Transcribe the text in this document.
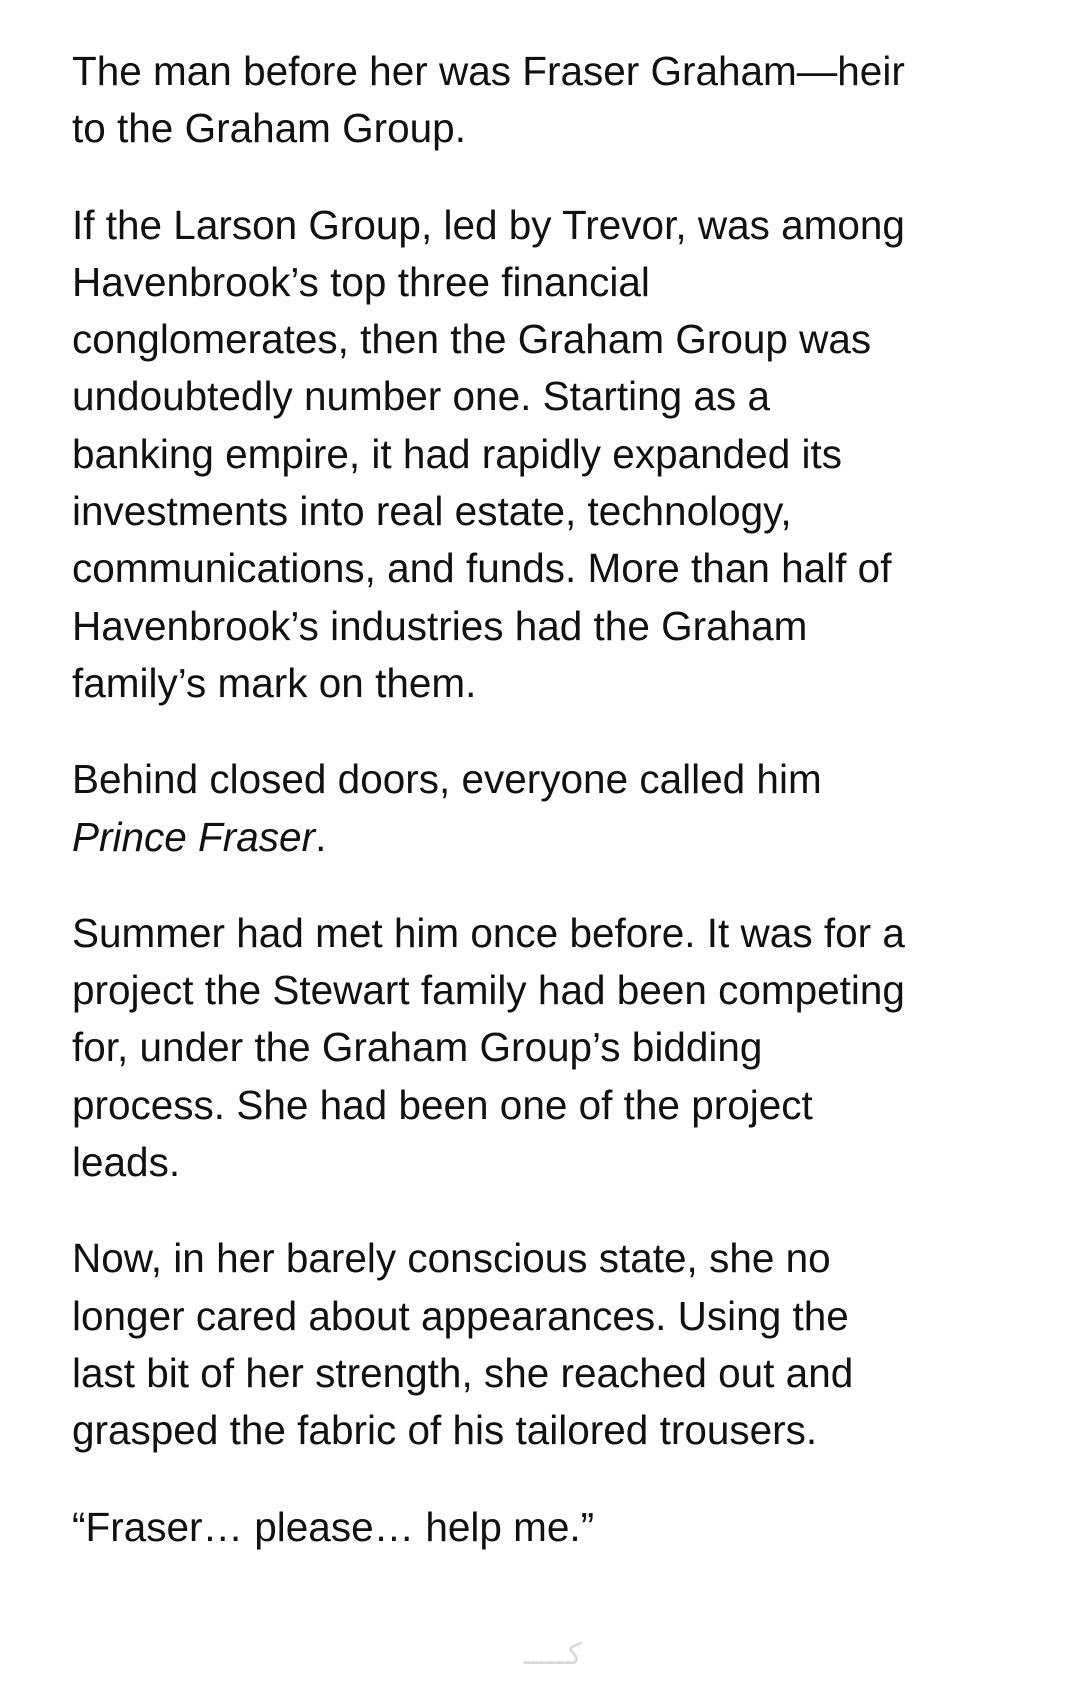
The man before her was Fraser Graham—heir
to the Graham Group.

If the Larson Group, led by Trevor, was among
Havenbrook’s top three financial
conglomerates, then the Graham Group was
undoubtedly number one. Starting as a
banking empire, it had rapidly expanded its
investments into real estate, technology,
communications, and funds. More than half of
Havenbrook’s industries had the Graham
family’s mark on them.

Behind closed doors, everyone called him
Prince Fraser.

Summer had met him once before. It was for a
project the Stewart family had been competing
for, under the Graham Group’s bidding
process. She had been one of the project
leads.

Now, in her barely conscious state, she no
longer cared about appearances. Using the
last bit of her strength, she reached out and
grasped the fabric of his tailored trousers.

“Fraser… please… help me.”

كـــــ
